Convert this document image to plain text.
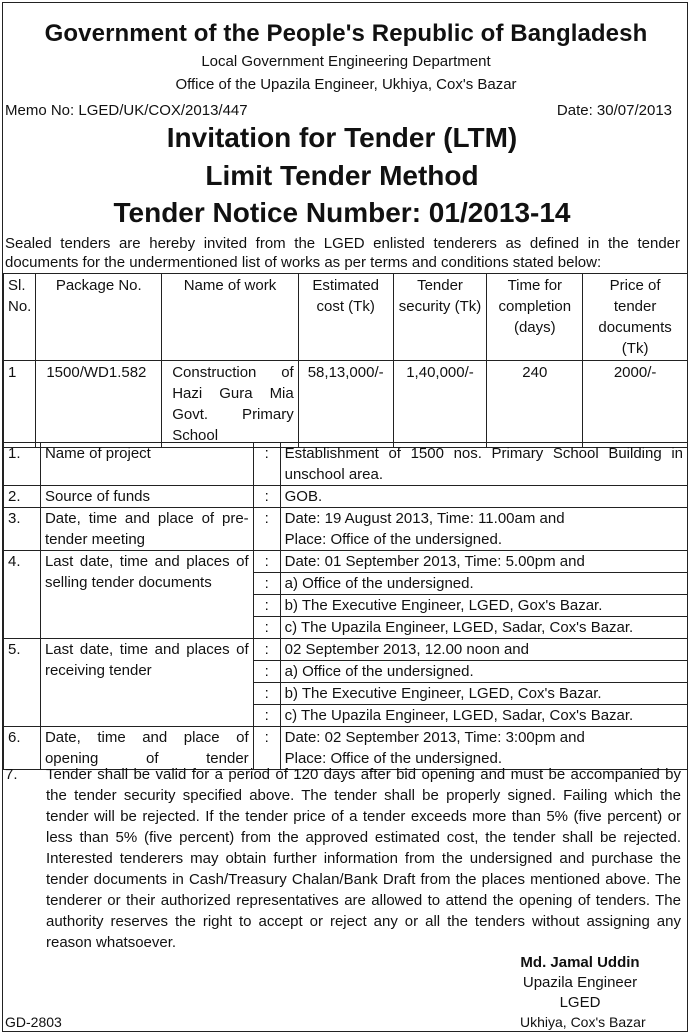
Government of the People's Republic of Bangladesh
Local Government Engineering Department
Office of the Upazila Engineer, Ukhiya, Cox's Bazar
Memo No: LGED/UK/COX/2013/447	Date: 30/07/2013
Invitation for Tender (LTM)
Limit Tender Method
Tender Notice Number: 01/2013-14
Sealed tenders are hereby invited from the LGED enlisted tenderers as defined in the tender documents for the undermentioned list of works as per terms and conditions stated below:
Sl. No.	Package No.	Name of work	Estimated cost (Tk)	Tender security (Tk)	Time for completion (days)	Price of tender documents (Tk)
1	1500/WD1.582	Construction of Hazi Gura Mia Govt. Primary School	58,13,000/-	1,40,000/-	240	2000/-
1.	Name of project	:	Establishment of 1500 nos. Primary School Building in unschool area.
2.	Source of funds	:	GOB.
3.	Date, time and place of pre-tender meeting	:	Date: 19 August 2013, Time: 11.00am and
Place: Office of the undersigned.

4.	Last date, time and places of selling tender documents	:	Date: 01 September 2013, Time: 5.00pm and
		:	a) Office of the undersigned.
		:	b) The Executive Engineer, LGED, Gox's Bazar.
		:	c) The Upazila Engineer, LGED, Sadar, Cox's Bazar.
5.	Last date, time and places of receiving tender	:	02 September 2013, 12.00 noon and
		:	a) Office of the undersigned.
		:	b) The Executive Engineer, LGED, Cox's Bazar.
		:	c) The Upazila Engineer, LGED, Sadar, Cox's Bazar.
6.	Date, time and place of opening of tender	:	Date: 02 September 2013, Time: 3:00pm and
Place: Office of the undersigned.
7. Tender shall be valid for a period of 120 days after bid opening and must be accompanied by the tender security specified above. The tender shall be properly signed. Failing which the tender will be rejected. If the tender price of a tender exceeds more than 5% (five percent) or less than 5% (five percent) from the approved estimated cost, the tender shall be rejected. Interested tenderers may obtain further information from the undersigned and purchase the tender documents in Cash/Treasury Chalan/Bank Draft from the places mentioned above. The tenderer or their authorized representatives are allowed to attend the opening of tenders. The authority reserves the right to accept or reject any or all the tenders without assigning any reason whatsoever.
Md. Jamal Uddin
Upazila Engineer
LGED
Ukhiya, Cox's Bazar
GD-2803
